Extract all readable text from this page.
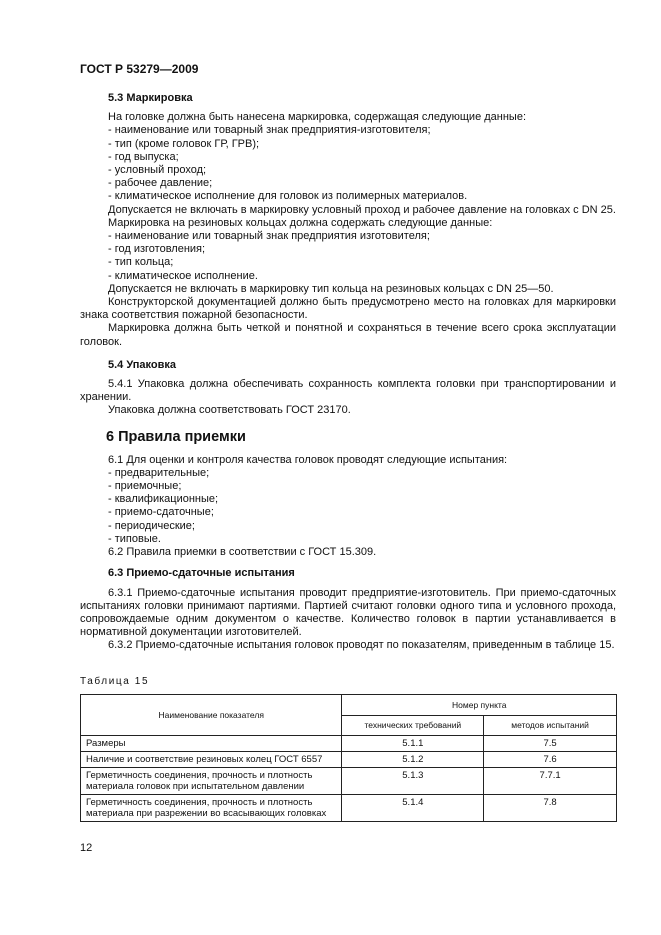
ГОСТ Р 53279—2009

5.3 Маркировка

На головке должна быть нанесена маркировка, содержащая следующие данные:

- наименование или товарный знак предприятия-изготовителя;

- тип (кроме головок ГР, ГРВ);

- год выпуска;

- условный проход;

- рабочее давление;

- климатическое исполнение для головок из полимерных материалов.

Допускается не включать в маркировку условный проход и рабочее давление на головках с DN 25.

Маркировка на резиновых кольцах должна содержать следующие данные:

- наименование или товарный знак предприятия изготовителя;

- год изготовления;

- тип кольца;

- климатическое исполнение.

Допускается не включать в маркировку тип кольца на резиновых кольцах с DN 25—50.

Конструкторской документацией должно быть предусмотрено место на головках для маркировки знака соответствия пожарной безопасности.

Маркировка должна быть четкой и понятной и сохраняться в течение всего срока эксплуатации головок.

5.4 Упаковка

5.4.1 Упаковка должна обеспечивать сохранность комплекта головки при транспортировании и хранении.

Упаковка должна соответствовать ГОСТ 23170.

6 Правила приемки

6.1 Для оценки и контроля качества головок проводят следующие испытания:

- предварительные;

- приемочные;

- квалификационные;

- приемо-сдаточные;

- периодические;

- типовые.

6.2 Правила приемки в соответствии с ГОСТ 15.309.

6.3 Приемо-сдаточные испытания

6.3.1 Приемо-сдаточные испытания проводит предприятие-изготовитель. При приемо-сдаточных испытаниях головки принимают партиями. Партией считают головки одного типа и условного прохода, сопровождаемые одним документом о качестве. Количество головок в партии устанавливается в нормативной документации изготовителей.

6.3.2 Приемо-сдаточные испытания головок проводят по показателям, приведенным в таблице 15.

Таблица 15

Наименование показателя	Номер пункта	
	технических требований	методов испытаний
Размеры	5.1.1	7.5
Наличие и соответствие резиновых колец ГОСТ 6557	5.1.2	7.6
Герметичность соединения, прочность и плотность материала головок при испытательном давлении	5.1.3	7.7.1
Герметичность соединения, прочность и плотность материала при разрежении во всасывающих головках	5.1.4	7.8

12
